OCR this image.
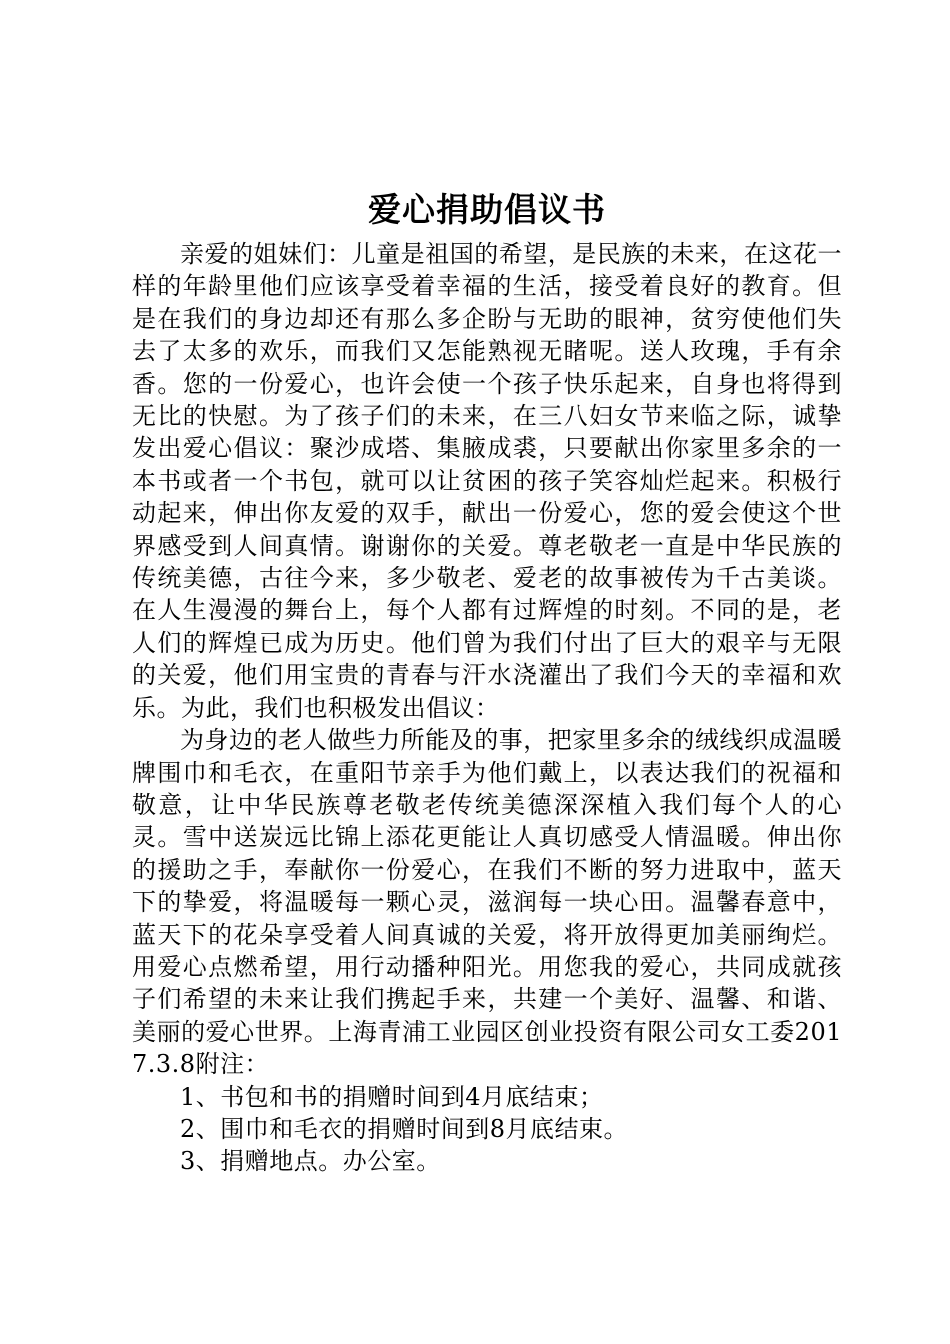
爱心捐助倡议书

亲爱的姐妹们：儿童是祖国的希望，是民族的未来，在这花一样的年龄里他们应该享受着幸福的生活，接受着良好的教育。但是在我们的身边却还有那么多企盼与无助的眼神，贫穷使他们失去了太多的欢乐，而我们又怎能熟视无睹呢。送人玫瑰，手有余香。您的一份爱心，也许会使一个孩子快乐起来，自身也将得到无比的快慰。为了孩子们的未来，在三八妇女节来临之际，诚挚发出爱心倡议：聚沙成塔、集腋成裘，只要献出你家里多余的一本书或者一个书包，就可以让贫困的孩子笑容灿烂起来。积极行动起来，伸出你友爱的双手，献出一份爱心，您的爱会使这个世界感受到人间真情。谢谢你的关爱。尊老敬老一直是中华民族的传统美德，古往今来，多少敬老、爱老的故事被传为千古美谈。在人生漫漫的舞台上，每个人都有过辉煌的时刻。不同的是，老人们的辉煌已成为历史。他们曾为我们付出了巨大的艰辛与无限的关爱，他们用宝贵的青春与汗水浇灌出了我们今天的幸福和欢乐。为此，我们也积极发出倡议：

为身边的老人做些力所能及的事，把家里多余的绒线织成温暖牌围巾和毛衣，在重阳节亲手为他们戴上，以表达我们的祝福和敬意，让中华民族尊老敬老传统美德深深植入我们每个人的心灵。雪中送炭远比锦上添花更能让人真切感受人情温暖。伸出你的援助之手，奉献你一份爱心，在我们不断的努力进取中，蓝天下的挚爱，将温暖每一颗心灵，滋润每一块心田。温馨春意中，蓝天下的花朵享受着人间真诚的关爱，将开放得更加美丽绚烂。用爱心点燃希望，用行动播种阳光。用您我的爱心，共同成就孩子们希望的未来让我们携起手来，共建一个美好、温馨、和谐、美丽的爱心世界。上海青浦工业园区创业投资有限公司女工委2017.3.8附注：

1、书包和书的捐赠时间到4月底结束；

2、围巾和毛衣的捐赠时间到8月底结束。

3、捐赠地点。办公室。
